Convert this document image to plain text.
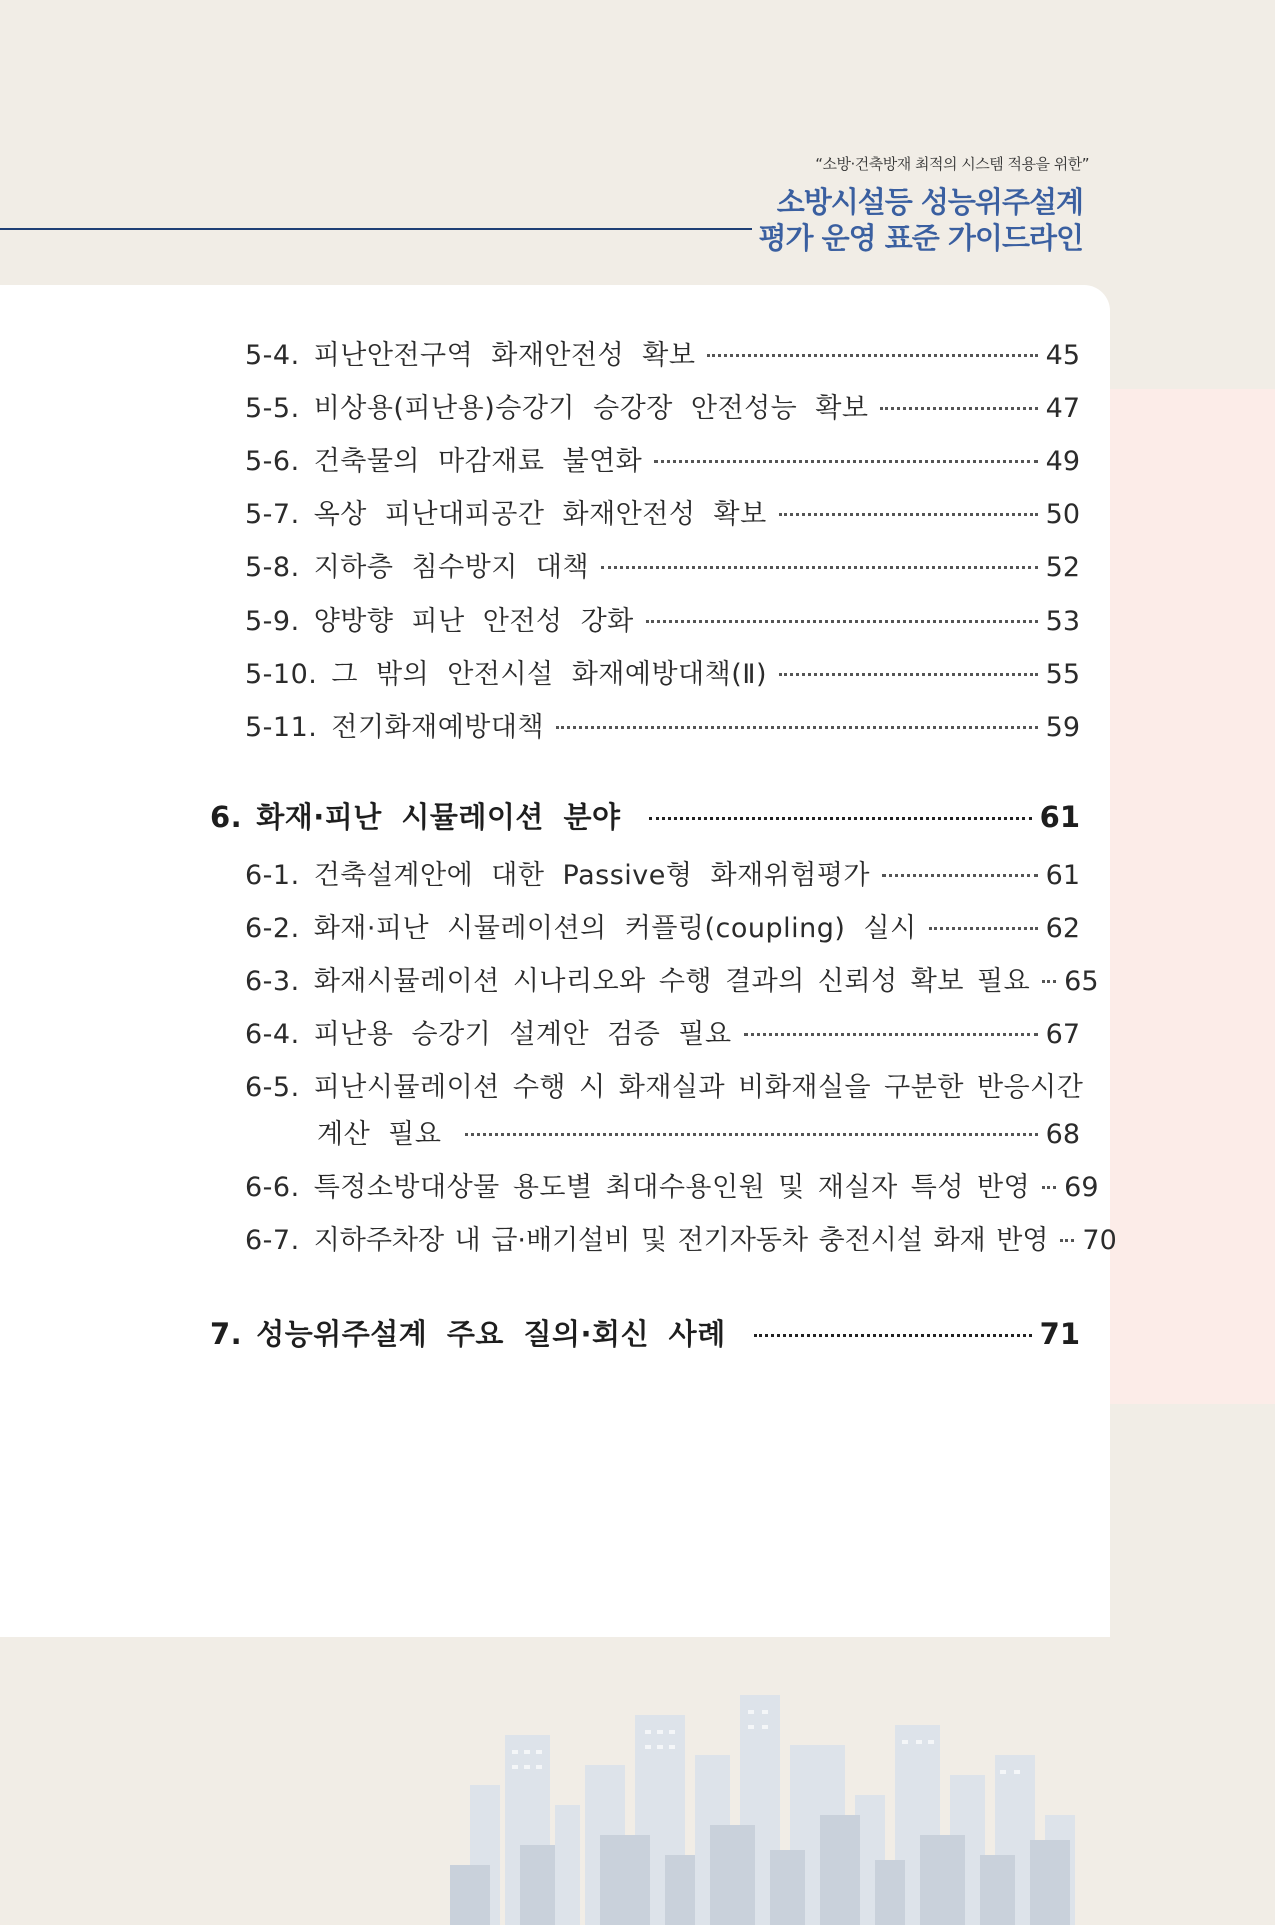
“소방·건축방재 최적의 시스템 적용을 위한”
소방시설등 성능위주설계
평가 운영 표준 가이드라인
5-4. 피난안전구역 화재안전성 확보	45
5-5. 비상용(피난용)승강기 승강장 안전성능 확보	47
5-6. 건축물의 마감재료 불연화	49
5-7. 옥상 피난대피공간 화재안전성 확보	50
5-8. 지하층 침수방지 대책	52
5-9. 양방향 피난 안전성 강화	53
5-10. 그 밖의 안전시설 화재예방대책(Ⅱ)	55
5-11. 전기화재예방대책	59
6. 화재·피난 시뮬레이션 분야	61
6-1. 건축설계안에 대한 Passive형 화재위험평가	61
6-2. 화재·피난 시뮬레이션의 커플링(coupling) 실시	62
6-3. 화재시뮬레이션 시나리오와 수행 결과의 신뢰성 확보 필요 65
6-4. 피난용 승강기 설계안 검증 필요	67
6-5. 피난시뮬레이션 수행 시 화재실과 비화재실을 구분한 반응시간
계산 필요	68
6-6. 특정소방대상물 용도별 최대수용인원 및 재실자 특성 반영 69
6-7. 지하주차장 내 급·배기설비 및 전기자동차 충전시설 화재 반영 70
7. 성능위주설계 주요 질의·회신 사례	71
